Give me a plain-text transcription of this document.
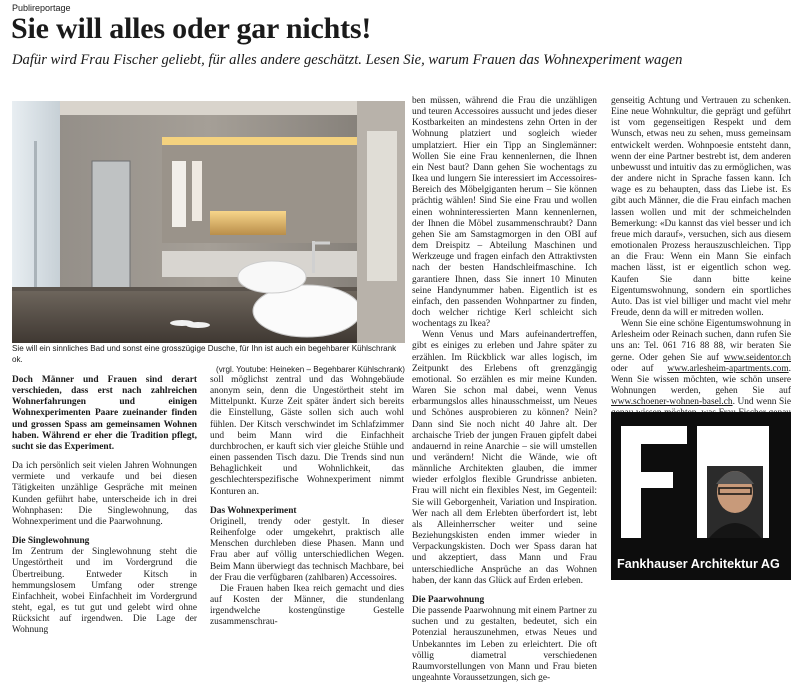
Publireportage
Sie will alles oder gar nichts!
Dafür wird Frau Fischer geliebt, für alles andere geschätzt. Lesen Sie, warum Frauen das Wohnexperiment wagen
Sie will ein sinnliches Bad und sonst eine grosszügige Dusche, für Ihn ist auch ein begehbarer Kühlschrank ok.
(vrgl. Youtube: Heineken – Begehbarer Kühlschrank)

Doch Männer und Frauen sind derart verschieden, dass erst nach zahlreichen Wohnerfahrungen und einigen Wohnexperimenten Paare zueinander finden und grossen Spass am gemeinsamen Wohnen haben. Während er eher die Tradition pflegt, sucht sie das Experiment.

Da ich persönlich seit vielen Jahren Wohnungen vermiete und verkaufe und bei diesen Tätigkeiten unzählige Gespräche mit meinen Kunden geführt habe, unterscheide ich in drei Wohnphasen: Die Singlewohnung, das Wohnexperiment und die Paarwohnung.

Die Singlewohnung

Im Zentrum der Singlewohnung steht die Ungestörtheit und im Vordergrund die Übertreibung. Entweder Kitsch in hemmungslosem Umfang oder strenge Einfachheit, wobei Einfachheit im Vordergrund steht, egal, es tut gut und gelebt wird ohne Rücksicht auf irgendwen. Die Lage der Wohnung

soll möglichst zentral und das Wohngebäude anonym sein, denn die Ungestörtheit steht im Mittelpunkt. Kurze Zeit später ändert sich bereits die Einstellung, Gäste sollen sich auch wohl fühlen. Der Kitsch verschwindet im Schlafzimmer und beim Mann wird die Einfachheit durchbrochen, er kauft sich vier gleiche Stühle und einen passenden Tisch dazu. Die Trends sind nun Behaglichkeit und Wohnlichkeit, das geschlechterspezifische Wohnexperiment nimmt Konturen an.

Das Wohnexperiment

Originell, trendy oder gestylt. In dieser Reihenfolge oder umgekehrt, praktisch alle Menschen durchleben diese Phasen. Mann und Frau aber auf völlig unterschiedlichen Wegen. Beim Mann überwiegt das technisch Machbare, bei der Frau die verfügbaren (zahlbaren) Accessoires.

Die Frauen haben Ikea reich gemacht und dies auf Kosten der Männer, die stundenlang irgendwelche kostengünstige Gestelle zusammenschrau-

ben müssen, während die Frau die unzähligen und teuren Accessoires aussucht und jedes dieser Kostbarkeiten an mindestens zehn Orten in der Wohnung platziert und sogleich wieder umplatziert. Hier ein Tipp an Singlemänner: Wollen Sie eine Frau kennenlernen, die Ihnen ein Nest baut? Dann gehen Sie wochentags zu Ikea und lungern Sie interessiert im Accessoires-Bereich des Möbelgiganten herum – Sie können prächtig wählen! Sind Sie eine Frau und wollen einen wohninteressierten Mann kennenlernen, der Ihnen die Möbel zusammenschraubt? Dann gehen Sie am Samstagmorgen in den OBI auf dem Dreispitz – Abteilung Maschinen und Werkzeuge und fragen einfach den Attraktivsten nach der besten Handschleifmaschine. Ich garantiere Ihnen, dass Sie innert 10 Minuten seine Handynummer haben. Eigentlich ist es einfach, den passenden Wohnpartner zu finden, doch welcher richtige Kerl schleicht sich wochentags zu Ikea?

Wenn Venus und Mars aufeinandertreffen, gibt es einiges zu erleben und Jahre später zu erzählen. Im Rückblick war alles logisch, im Zeitpunkt des Erlebens oft grenzgängig emotional. So erzählen es mir meine Kunden. Waren Sie schon mal dabei, wenn Venus erbarmungslos alles hinausschmeisst, um Neues und Schönes ausprobieren zu können? Nein? Dann sind Sie noch nicht 40 Jahre alt. Der archaische Trieb der jungen Frauen gipfelt dabei andauernd in reine Anarchie – sie will umstellen und verändern! Nicht die Wände, wie oft männliche Architekten glauben, die immer wieder erfolglos flexible Grundrisse anbieten. Frau will nicht ein flexibles Nest, im Gegenteil: Sie will Geborgenheit, Variation und Inspiration. Wer nach all dem Erlebten überfordert ist, lebt als Alleinherrscher weiter und seine Beziehungskisten enden immer wieder in Verpackungskisten. Doch wer Spass daran hat und akzeptiert, dass Mann und Frau unterschiedliche Ansprüche an das Wohnen haben, der kann das Glück auf Erden erleben.

Die Paarwohnung

Die passende Paarwohnung mit einem Partner zu suchen und zu gestalten, bedeutet, sich ein Potenzial herauszunehmen, etwas Neues und Unbekanntes im Leben zu erleichtert. Die oft völlig diametral verschiedenen Raumvorstellungen von Mann und Frau bieten ungeahnte Voraussetzungen, sich ge-

genseitig Achtung und Vertrauen zu schenken. Eine neue Wohnkultur, die geprägt und geführt ist vom gegenseitigen Respekt und dem Wunsch, etwas neu zu sehen, muss gemeinsam entwickelt werden. Wohnpoesie entsteht dann, wenn der eine Partner bestrebt ist, dem anderen unbewusst und intuitiv das zu ermöglichen, was der andere nicht in Sprache fassen kann. Ich wage es zu behaupten, dass das Liebe ist. Es gibt auch Männer, die die Frau einfach machen lassen wollen und mit der schmeichelnden Bemerkung: «Du kannst das viel besser und ich freue mich darauf», versuchen, sich aus diesem emotionalen Prozess herauszuschleichen. Tipp an die Frau: Wenn ein Mann Sie einfach machen lässt, ist er eigentlich schon weg. Kaufen Sie dann bitte keine Eigentumswohnung, sondern ein sportliches Auto. Das ist viel billiger und macht viel mehr Freude, denn da will er mitreden wollen.

Wenn Sie eine schöne Eigentumswohnung in Arlesheim oder Reinach suchen, dann rufen Sie uns an: Tel. 061 716 88 88, wir beraten Sie gerne. Oder gehen Sie auf www.seidentor.ch oder auf www.arlesheim-apartments.com. Wenn Sie wissen möchten, wie schön unsere Wohnungen werden, gehen Sie auf www.schoener-wohnen-basel.ch. Und wenn Sie

Fankhauser Architektur AG
